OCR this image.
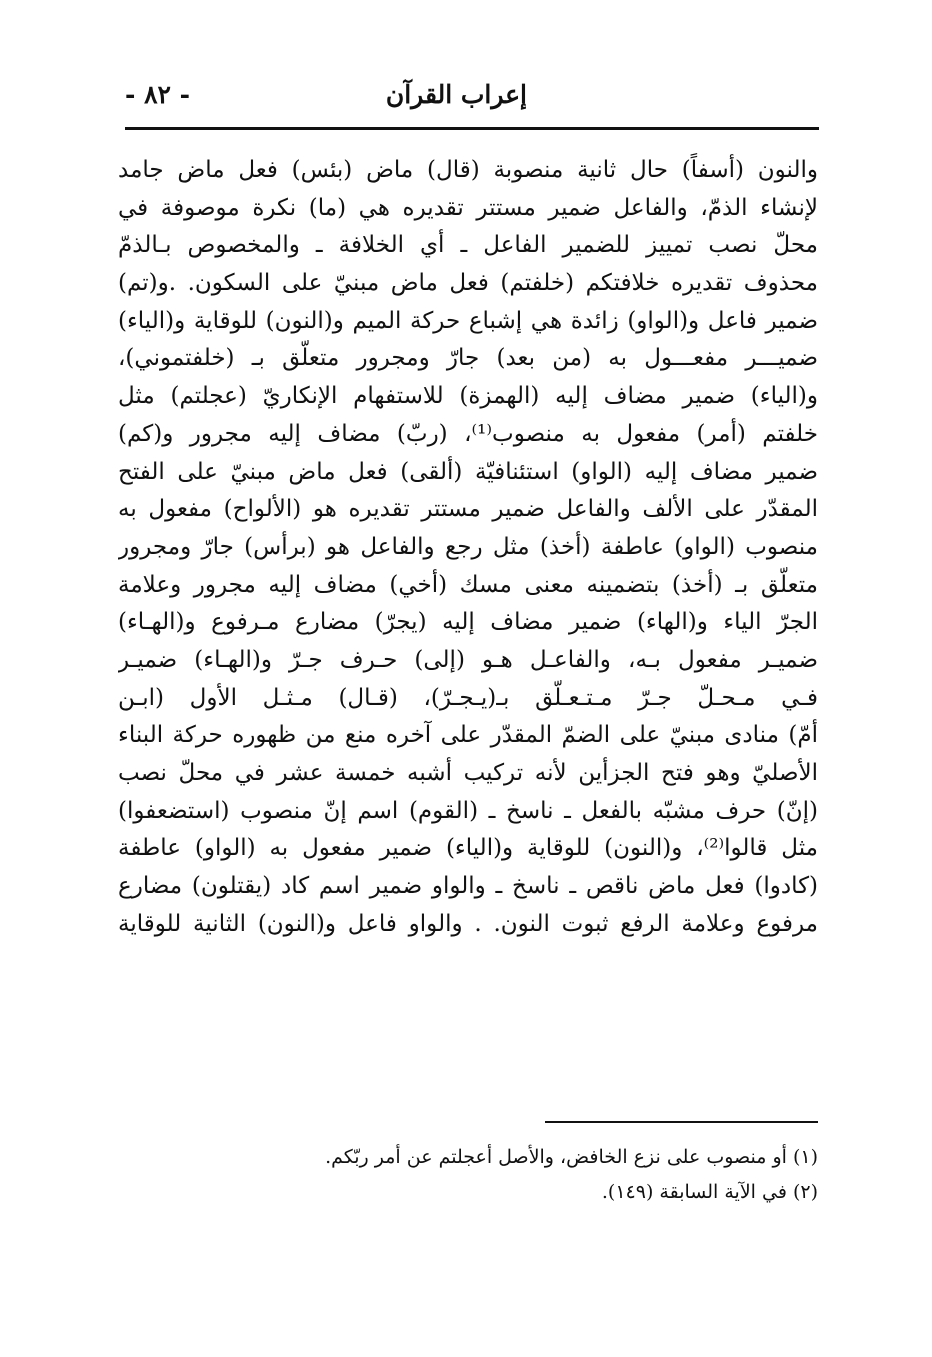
إعراب القرآن
- ٨٢ -
والنون (أسفاً) حال ثانية منصوبة (قال) ماض (بئس) فعل ماض جامد
لإنشاء الذمّ، والفاعل ضمير مستتر تقديره هي (ما) نكرة موصوفة في
محلّ نصب تمييز للضمير الفاعل ـ أي الخلافة ـ والمخصوص بـالذمّ
محذوف تقديره خلافتكم (خلفتم) فعل ماض مبنيّ على السكون. .و(تم)
ضمير فاعل و(الواو) زائدة هي إشباع حركة الميم و(النون) للوقاية و(الياء)
ضميـــر مفعـــول به (من بعد) جارّ ومجرور متعلّق بـ (خلفتموني)،
و(الياء) ضمير مضاف إليه (الهمزة) للاستفهام الإنكاريّ (عجلتم) مثل
خلفتم (أمر) مفعول به منصوب⁽¹⁾، (ربّ) مضاف إليه مجرور و(كم)
ضمير مضاف إليه (الواو) استئنافيّة (ألقى) فعل ماض مبنيّ على الفتح
المقدّر على الألف والفاعل ضمير مستتر تقديره هو (الألواح) مفعول به
منصوب (الواو) عاطفة (أخذ) مثل رجع والفاعل هو (برأس) جارّ ومجرور
متعلّق بـ (أخذ) بتضمينه معنى مسك (أخي) مضاف إليه مجرور وعلامة
الجرّ الياء و(الهاء) ضمير مضاف إليه (يجرّ) مضارع مـرفوع و(الهـاء)
ضميـر مفعول بـه، والفاعـل هـو (إلى) حـرف جـرّ و(الهـاء) ضميـر
فـي مـحـلّ جـرّ مـتـعـلّق بـ(يـجـرّ)، (قـال) مـثـل الأول (ابـن
أمّ) منادى مبنيّ على الضمّ المقدّر على آخره منع من ظهوره حركة البناء
الأصليّ وهو فتح الجزأين لأنه تركيب أشبه خمسة عشر في محلّ نصب
(إنّ) حرف مشبّه بالفعل ـ ناسخ ـ (القوم) اسم إنّ منصوب (استضعفوا)
مثل قالوا⁽²⁾، و(النون) للوقاية و(الياء) ضمير مفعول به (الواو) عاطفة
(كادوا) فعل ماض ناقص ـ ناسخ ـ والواو ضمير اسم كاد (يقتلون) مضارع
مرفوع وعلامة الرفع ثبوت النون. . والواو فاعل و(النون) الثانية للوقاية
(١) أو منصوب على نزع الخافض، والأصل أعجلتم عن أمر ربّكم.
(٢) في الآية السابقة (١٤٩).
